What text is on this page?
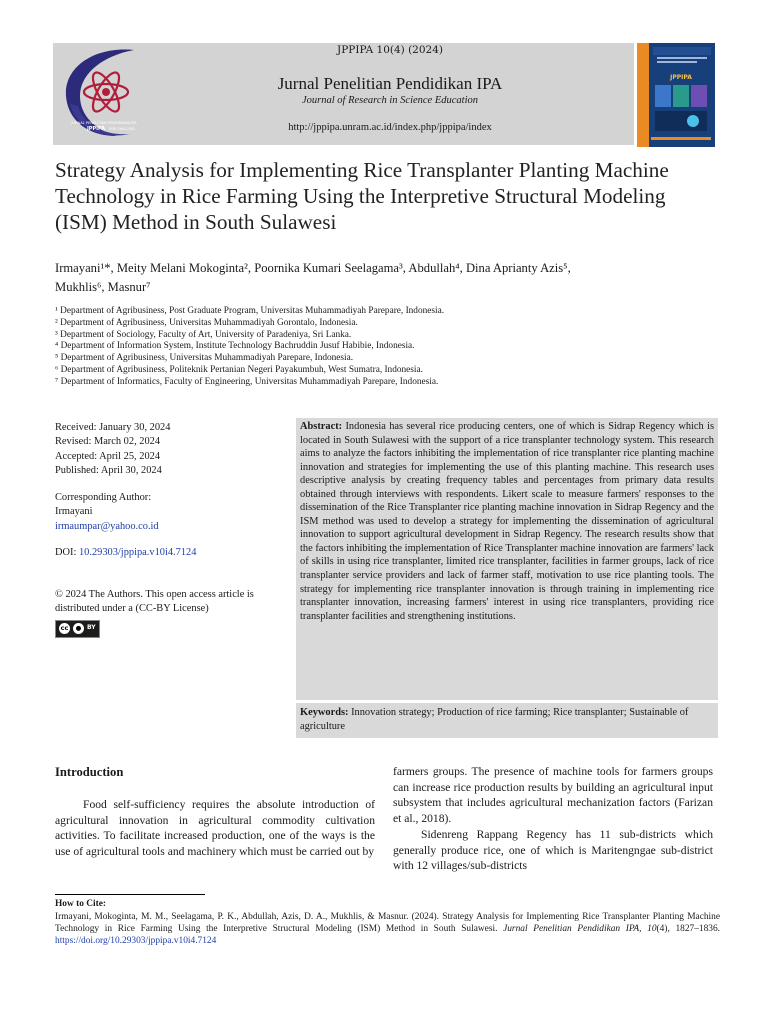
JURNAL PENELITIAN PENDIDIKAN IPA
JPPIPA ISSN 2460-2582
JPPIPA 10(4) (2024)
Jurnal Penelitian Pendidikan IPA
Journal of Research in Science Education
http://jppipa.unram.ac.id/index.php/jppipa/index
JPPIPA
Strategy Analysis for Implementing Rice Transplanter Planting Machine Technology in Rice Farming Using the Interpretive Structural Modeling (ISM) Method in South Sulawesi
Irmayani¹*, Meity Melani Mokoginta², Poornika Kumari Seelagama³, Abdullah⁴, Dina Aprianty Azis⁵,
Mukhlis⁶, Masnur⁷
¹ Department of Agribusiness, Post Graduate Program, Universitas Muhammadiyah Parepare, Indonesia.
² Department of Agribusiness, Universitas Muhammadiyah Gorontalo, Indonesia.
³ Department of Sociology, Faculty of Art, University of Paradeniya, Sri Lanka.
⁴ Department of Information System, Institute Technology Bachruddin Jusuf Habibie, Indonesia.
⁵ Department of Agribusiness, Universitas Muhammadiyah Parepare, Indonesia.
⁶ Department of Agribusiness, Politeknik Pertanian Negeri Payakumbuh, West Sumatra, Indonesia.
⁷ Department of Informatics, Faculty of Engineering, Universitas Muhammadiyah Parepare, Indonesia.
Received: January 30, 2024
Revised: March 02, 2024
Accepted: April 25, 2024
Published: April 30, 2024
Corresponding Author:
Irmayani
irmaumpar@yahoo.co.id
DOI: 10.29303/jppipa.v10i4.7124
© 2024 The Authors. This open access article is distributed under a (CC-BY License)
cc	● BY
Abstract: Indonesia has several rice producing centers, one of which is Sidrap Regency which is located in South Sulawesi with the support of a rice transplanter technology system. This research aims to analyze the factors inhibiting the implementation of rice transplanter rice planting machine innovation and strategies for implementing the use of this planting machine. This research uses descriptive analysis by creating frequency tables and percentages from primary data results obtained through interviews with respondents. Likert scale to measure farmers' responses to the dissemination of the Rice Transplanter rice planting machine innovation in Sidrap Regency and the ISM method was used to develop a strategy for implementing the dissemination of agricultural innovation to support agricultural development in Sidrap Regency. The research results show that the factors inhibiting the implementation of Rice Transplanter machine innovation are farmers' lack of skills in using rice transplanter, limited rice transplanter, facilities in farmer groups, lack of rice transplanter service providers and lack of farmer staff, motivation to use rice planting tools. The strategy for implementing rice transplanter innovation is through training in implementing rice transplanter innovation, increasing farmers' interest in using rice transplanters, providing rice transplanter facilities and strengthening institutions.
Keywords: Innovation strategy; Production of rice farming; Rice transplanter; Sustainable of agriculture
Introduction
Food self-sufficiency requires the absolute introduction of agricultural innovation in agricultural commodity cultivation activities. To facilitate increased production, one of the ways is the use of agricultural tools and machinery which must be carried out by
farmers groups. The presence of machine tools for farmers groups can increase rice production results by building an agricultural input subsystem that includes agricultural mechanization factors (Farizan et al., 2018).
Sidenreng Rappang Regency has 11 sub-districts which generally produce rice, one of which is Maritengngae sub-district with 12 villages/sub-districts
How to Cite:
Irmayani, Mokoginta, M. M., Seelagama, P. K., Abdullah, Azis, D. A., Mukhlis, & Masnur. (2024). Strategy Analysis for Implementing Rice Transplanter Planting Machine Technology in Rice Farming Using the Interpretive Structural Modeling (ISM) Method in South Sulawesi. Jurnal Penelitian Pendidikan IPA, 10(4), 1827–1836. https://doi.org/10.29303/jppipa.v10i4.7124
